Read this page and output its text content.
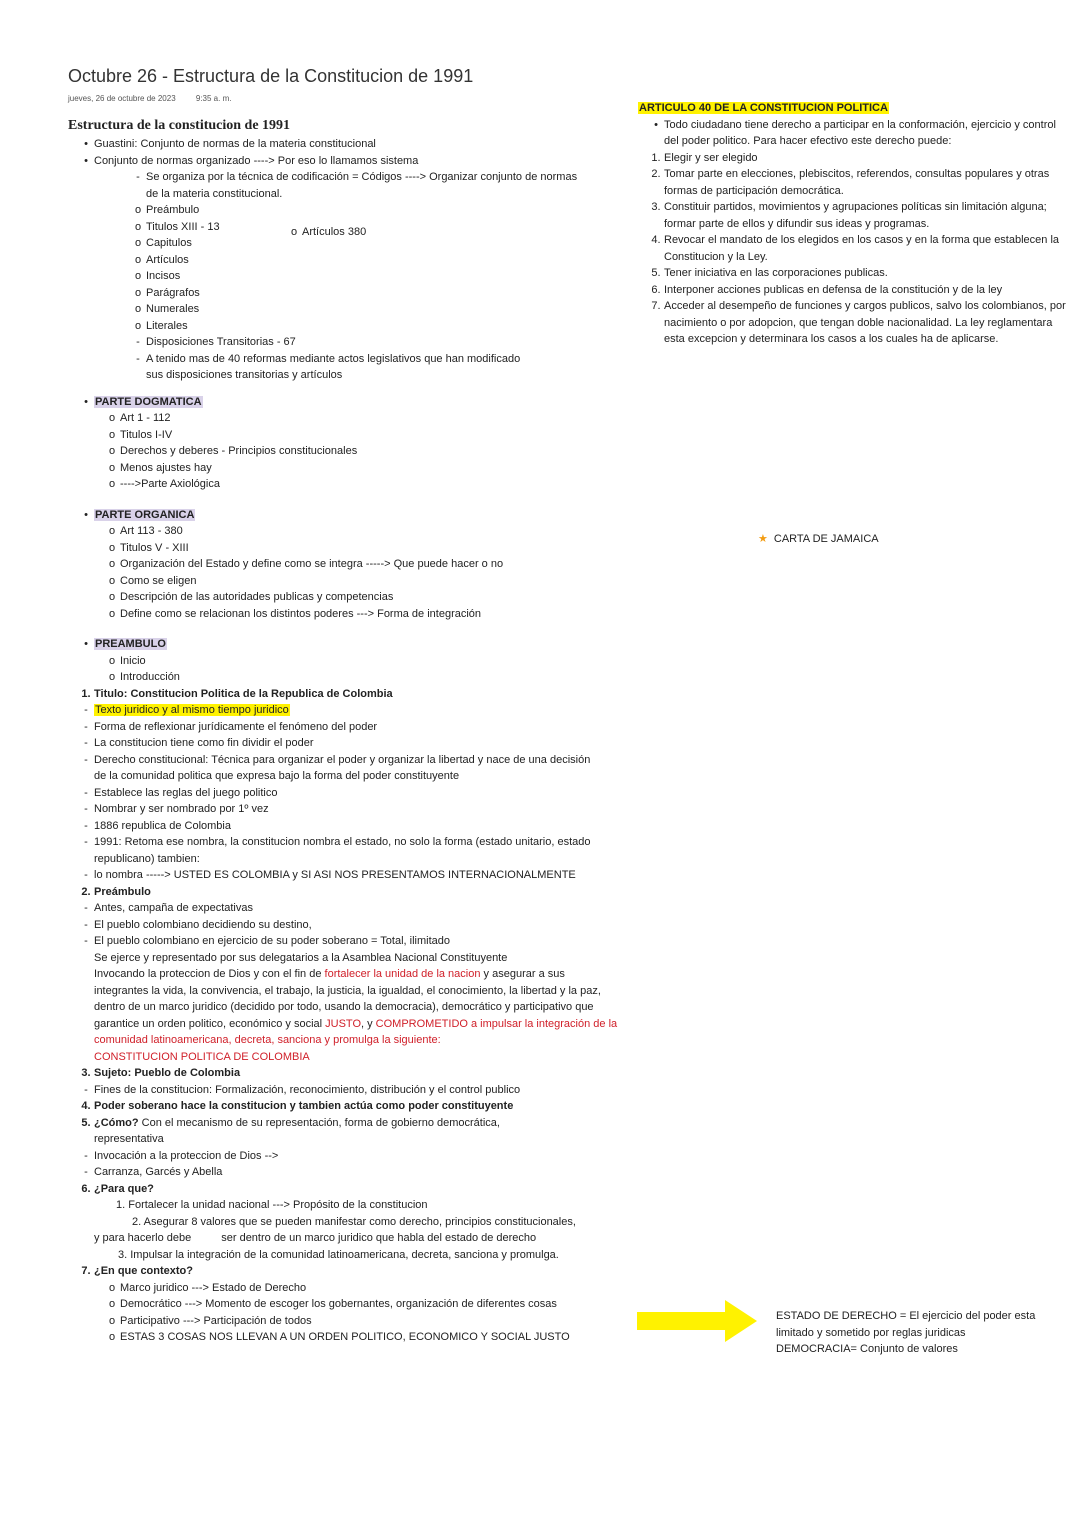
Octubre 26 - Estructura de la Constitucion de 1991
jueves, 26 de octubre de 2023	9:35 a. m.
Estructura de la constitucion de 1991
• Guastini: Conjunto de normas de la materia constitucional
• Conjunto de normas organizado ----> Por eso lo llamamos sistema
- Se organiza por la técnica de codificación = Códigos ----> Organizar conjunto de normas de la materia constitucional.
o Preámbulo
o Titulos XIII - 13
o Capitulos
o Artículos
o Incisos
o Parágrafos
o Numerales
o Literales
o Artículos 380
- Disposiciones Transitorias - 67
- A tenido mas de 40 reformas mediante actos legislativos que han modificado sus disposiciones transitorias y artículos
• PARTE DOGMATICA
o Art 1 - 112
o Titulos I-IV
o Derechos y deberes - Principios constitucionales
o Menos ajustes hay
o ---->Parte Axiológica
• PARTE ORGANICA
o Art 113 - 380
o Titulos V - XIII
o Organización del Estado y define como se integra -----> Que puede hacer o no
o Como se eligen
o Descripción de las autoridades publicas y competencias
o Define como se relacionan los distintos poderes ---> Forma de integración
• PREAMBULO
o Inicio
o Introducción
1. Titulo: Constitucion Politica de la Republica de Colombia
- Texto juridico y al mismo tiempo juridico
- Forma de reflexionar jurídicamente el fenómeno del poder
- La constitucion tiene como fin dividir el poder
- Derecho constitucional: Técnica para organizar el poder y organizar la libertad y nace de una decisión de la comunidad politica que expresa bajo la forma del poder constituyente
- Establece las reglas del juego politico
- Nombrar y ser nombrado por 1º vez
- 1886 republica de Colombia
- 1991: Retoma ese nombra, la constitucion nombra el estado, no solo la forma (estado unitario, estado republicano) tambien:
- lo nombra -----> USTED ES COLOMBIA y SI ASI NOS PRESENTAMOS INTERNACIONALMENTE
2. Preámbulo
- Antes, campaña de expectativas
- El pueblo colombiano decidiendo su destino,
- El pueblo colombiano en ejercicio de su poder soberano = Total, ilimitado
Se ejerce y representado por sus delegatarios a la Asamblea Nacional Constituyente
Invocando la proteccion de Dios y con el fin de fortalecer la unidad de la nacion y asegurar a sus integrantes la vida, la convivencia, el trabajo, la justicia, la igualdad, el conocimiento, la libertad y la paz, dentro de un marco juridico (decidido por todo, usando la democracia), democrático y participativo que garantice un orden politico, económico y social JUSTO, y COMPROMETIDO a impulsar la integración de la comunidad latinoamericana, decreta, sanciona y promulga la siguiente:
CONSTITUCION POLITICA DE COLOMBIA
3. Sujeto: Pueblo de Colombia
- Fines de la constitucion: Formalización, reconocimiento, distribución y el control publico
4. Poder soberano hace la constitucion y tambien actúa como poder constituyente
5. ¿Cómo? Con el mecanismo de su representación, forma de gobierno democrática, representativa
- Invocación a la proteccion de Dios -->
- Carranza, Garcés y Abella
6. ¿Para que?
1. Fortalecer la unidad nacional ---> Propósito de la constitucion
2. Asegurar 8 valores que se pueden manifestar como derecho, principios constitucionales,
y para hacerlo debe	ser dentro de un marco juridico que habla del estado de derecho
3. Impulsar la integración de la comunidad latinoamericana, decreta, sanciona y promulga.
7. ¿En que contexto?
o Marco juridico ---> Estado de Derecho
o Democrático ---> Momento de escoger los gobernantes, organización de diferentes cosas
o Participativo ---> Participación de todos
o ESTAS 3 COSAS NOS LLEVAN A UN ORDEN POLITICO, ECONOMICO Y SOCIAL JUSTO
ARTICULO 40 DE LA CONSTITUCION POLITICA
• Todo ciudadano tiene derecho a participar en la conformación, ejercicio y control del poder politico. Para hacer efectivo este derecho puede:
1. Elegir y ser elegido
2. Tomar parte en elecciones, plebiscitos, referendos, consultas populares y otras formas de participación democrática.
3. Constituir partidos, movimientos y agrupaciones políticas sin limitación alguna; formar parte de ellos y difundir sus ideas y programas.
4. Revocar el mandato de los elegidos en los casos y en la forma que establecen la Constitucion y la Ley.
5. Tener iniciativa en las corporaciones publicas.
6. Interponer acciones publicas en defensa de la constitución y de la ley
7. Acceder al desempeño de funciones y cargos publicos, salvo los colombianos, por nacimiento o por adopcion, que tengan doble nacionalidad. La ley reglamentara esta excepcion y determinara los casos a los cuales ha de aplicarse.
★ CARTA DE JAMAICA
ESTADO DE DERECHO = El ejercicio del poder esta limitado y sometido por reglas juridicas
DEMOCRACIA= Conjunto de valores
